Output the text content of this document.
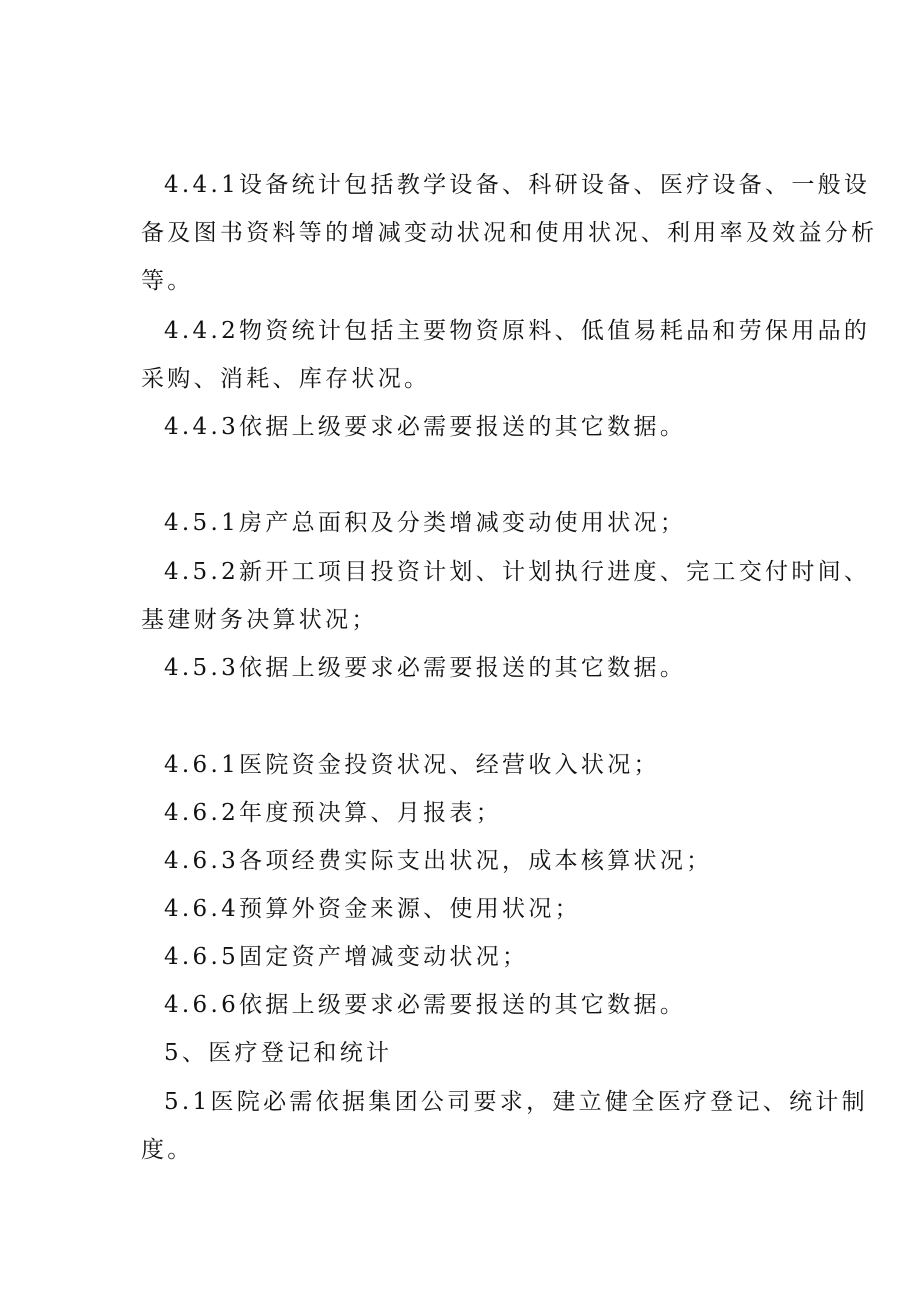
4.4.1设备统计包括教学设备、科研设备、医疗设备、一般设
备及图书资料等的增减变动状况和使用状况、利用率及效益分析
等。
4.4.2物资统计包括主要物资原料、低值易耗品和劳保用品的
采购、消耗、库存状况。
4.4.3依据上级要求必需要报送的其它数据。
4.5.1房产总面积及分类增减变动使用状况；
4.5.2新开工项目投资计划、计划执行进度、完工交付时间、
基建财务决算状况；
4.5.3依据上级要求必需要报送的其它数据。
4.6.1医院资金投资状况、经营收入状况；
4.6.2年度预决算、月报表；
4.6.3各项经费实际支出状况，成本核算状况；
4.6.4预算外资金来源、使用状况；
4.6.5固定资产增减变动状况；
4.6.6依据上级要求必需要报送的其它数据。
5、医疗登记和统计
5.1医院必需依据集团公司要求，建立健全医疗登记、统计制
度。
